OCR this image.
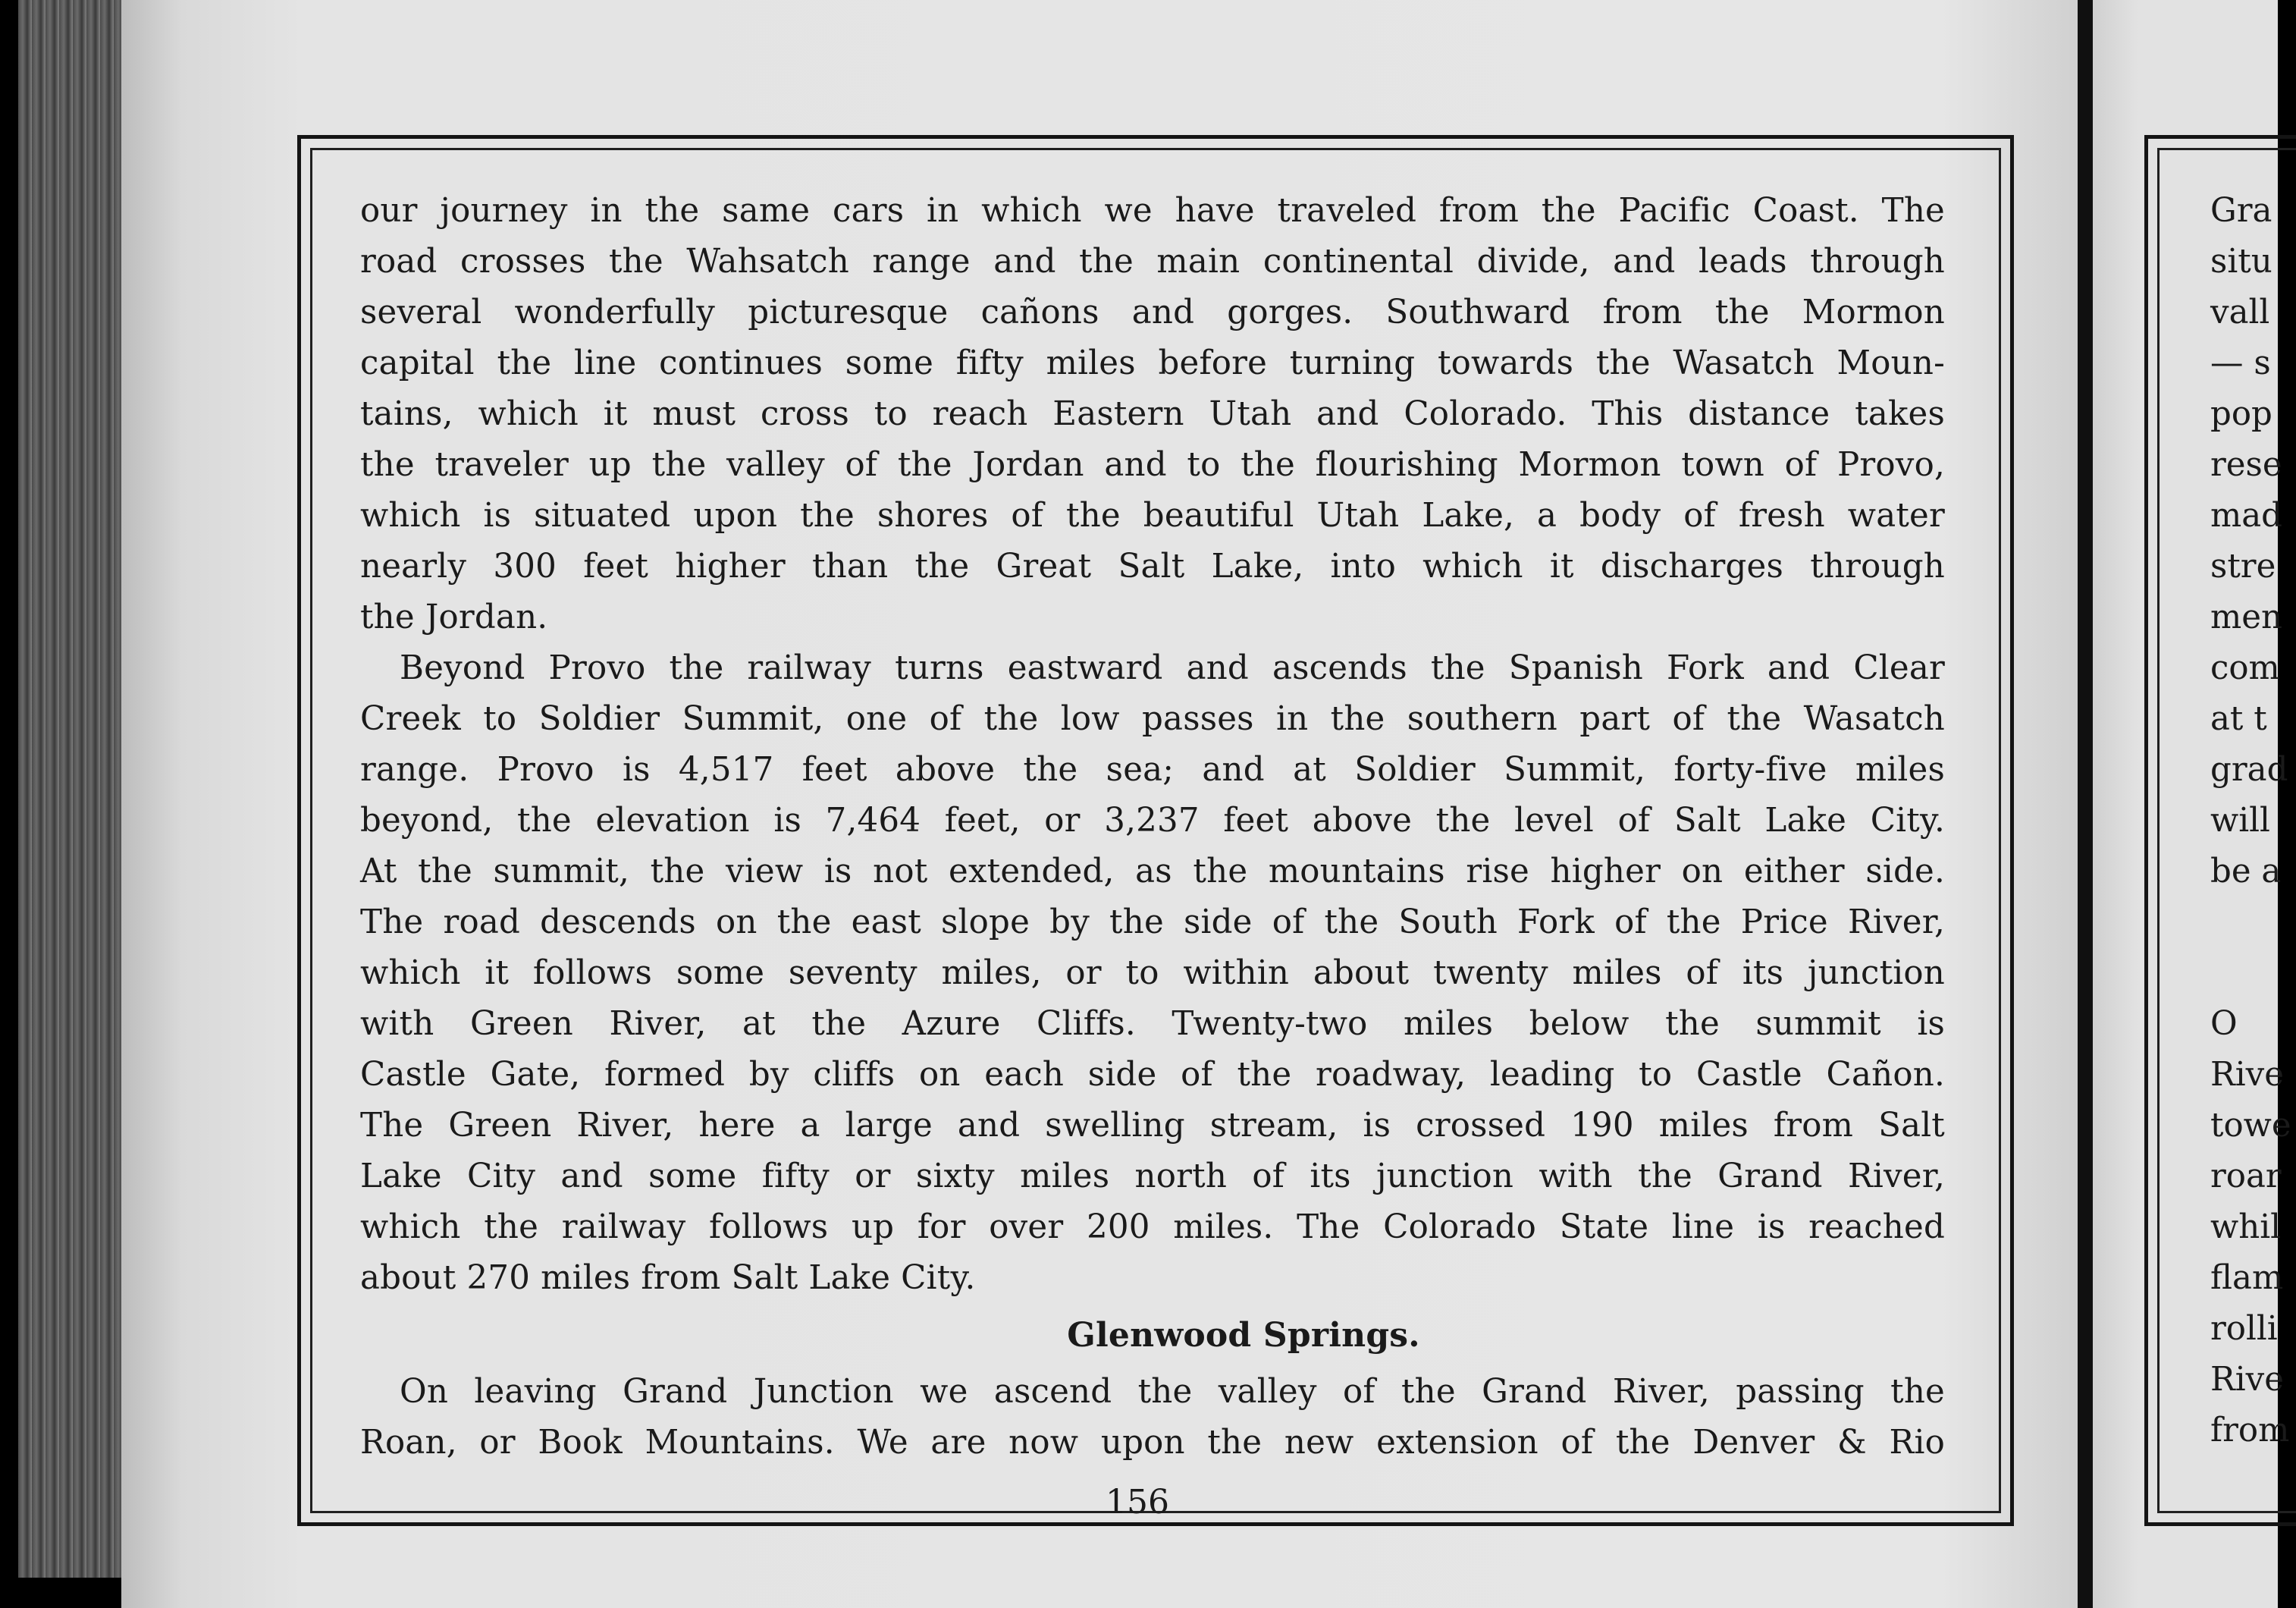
our journey in the same cars in which we have traveled from the Pacific Coast. The
road crosses the Wahsatch range and the main continental divide, and leads through
several wonderfully picturesque cañons and gorges. Southward from the Mormon
capital the line continues some fifty miles before turning towards the Wasatch Moun-
tains, which it must cross to reach Eastern Utah and Colorado. This distance takes
the traveler up the valley of the Jordan and to the flourishing Mormon town of Provo,
which is situated upon the shores of the beautiful Utah Lake, a body of fresh water
nearly 300 feet higher than the Great Salt Lake, into which it discharges through
the Jordan.
Beyond Provo the railway turns eastward and ascends the Spanish Fork and Clear
Creek to Soldier Summit, one of the low passes in the southern part of the Wasatch
range. Provo is 4,517 feet above the sea; and at Soldier Summit, forty-five miles
beyond, the elevation is 7,464 feet, or 3,237 feet above the level of Salt Lake City.
At the summit, the view is not extended, as the mountains rise higher on either side.
The road descends on the east slope by the side of the South Fork of the Price River,
which it follows some seventy miles, or to within about twenty miles of its junction
with Green River, at the Azure Cliffs. Twenty-two miles below the summit is
Castle Gate, formed by cliffs on each side of the roadway, leading to Castle Cañon.
The Green River, here a large and swelling stream, is crossed 190 miles from Salt
Lake City and some fifty or sixty miles north of its junction with the Grand River,
which the railway follows up for over 200 miles. The Colorado State line is reached
about 270 miles from Salt Lake City.
Glenwood Springs.
On leaving Grand Junction we ascend the valley of the Grand River, passing the
Roan, or Book Mountains. We are now upon the new extension of the Denver & Rio
156
Gra
situ
vall
— s
pop
rese
mad
stre
men
com
at t
grad
will
be a
O
Rive
towe
roar
whil
flam
rolli
Rive
from
